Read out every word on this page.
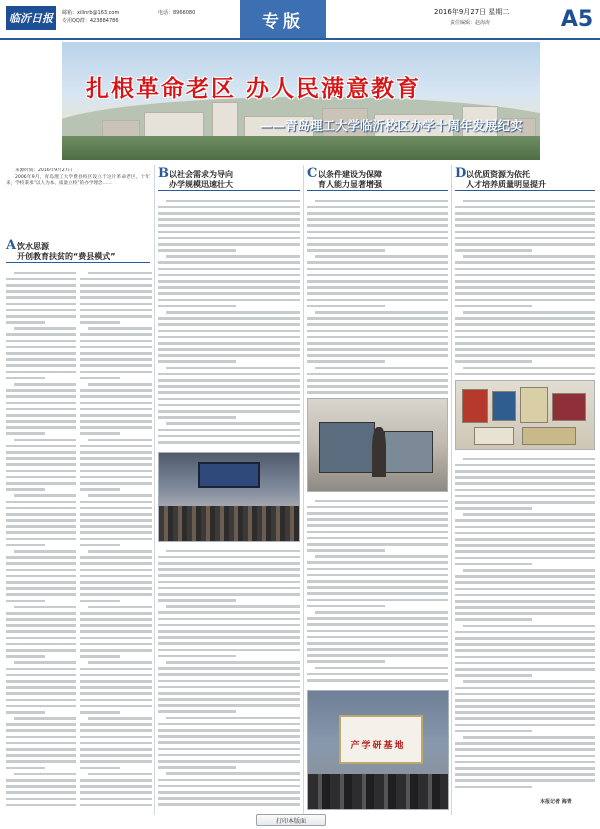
临沂日报	邮箱：xilinrb@163.com
专用QQ群：423884786
电话：8966080	专版	2016年9月27日 星期二
责任编辑：赵海涛	A5
扎根革命老区 办人民满意教育
——青岛理工大学临沂校区办学十周年发展纪实

来源时间：2016年9月27日

2006年9月，青岛理工大学费县校区设立于这片革命老区。十年来，学校秉承“以人为本、质量立校”的办学理念……

A 饮水思源
开创教育扶贫的“费县模式”
B 以社会需求为导向
办学规模迅速壮大
C 以条件建设为保障
育人能力显著增强
D 以优质资源为依托
人才培养质量明显提升
产学研基地
本报记者 海青
打印本版面
